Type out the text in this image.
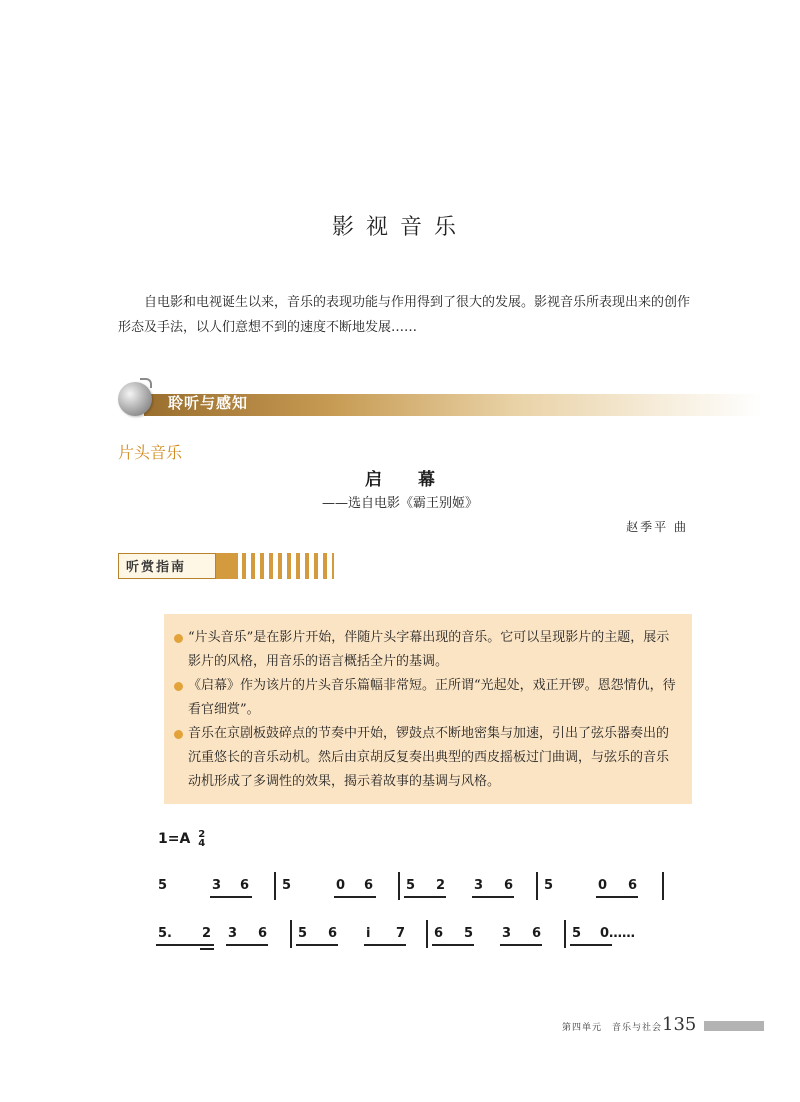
影视音乐
自电影和电视诞生以来，音乐的表现功能与作用得到了很大的发展。影视音乐所表现出来的创作形态及手法，以人们意想不到的速度不断地发展……
聆听与感知
片头音乐
启幕
——选自电影《霸王别姬》
赵季平 曲
听赏指南
“片头音乐”是在影片开始，伴随片头字幕出现的音乐。它可以呈现影片的主题，展示影片的风格，用音乐的语言概括全片的基调。
《启幕》作为该片的片头音乐篇幅非常短。正所谓“光起处，戏正开锣。恩怨情仇，待看官细赏”。
音乐在京剧板鼓碎点的节奏中开始，锣鼓点不断地密集与加速，引出了弦乐器奏出的沉重悠长的音乐动机。然后由京胡反复奏出典型的西皮摇板过门曲调，与弦乐的音乐动机形成了多调性的效果，揭示着故事的基调与风格。
1=A 2
4
5	3 6	5	0 6	5 2 3 6 5	0 6
5. 2 3 6 5 6 i 7 6 5 3 6 5 0……
第四单元　音乐与社会 135
